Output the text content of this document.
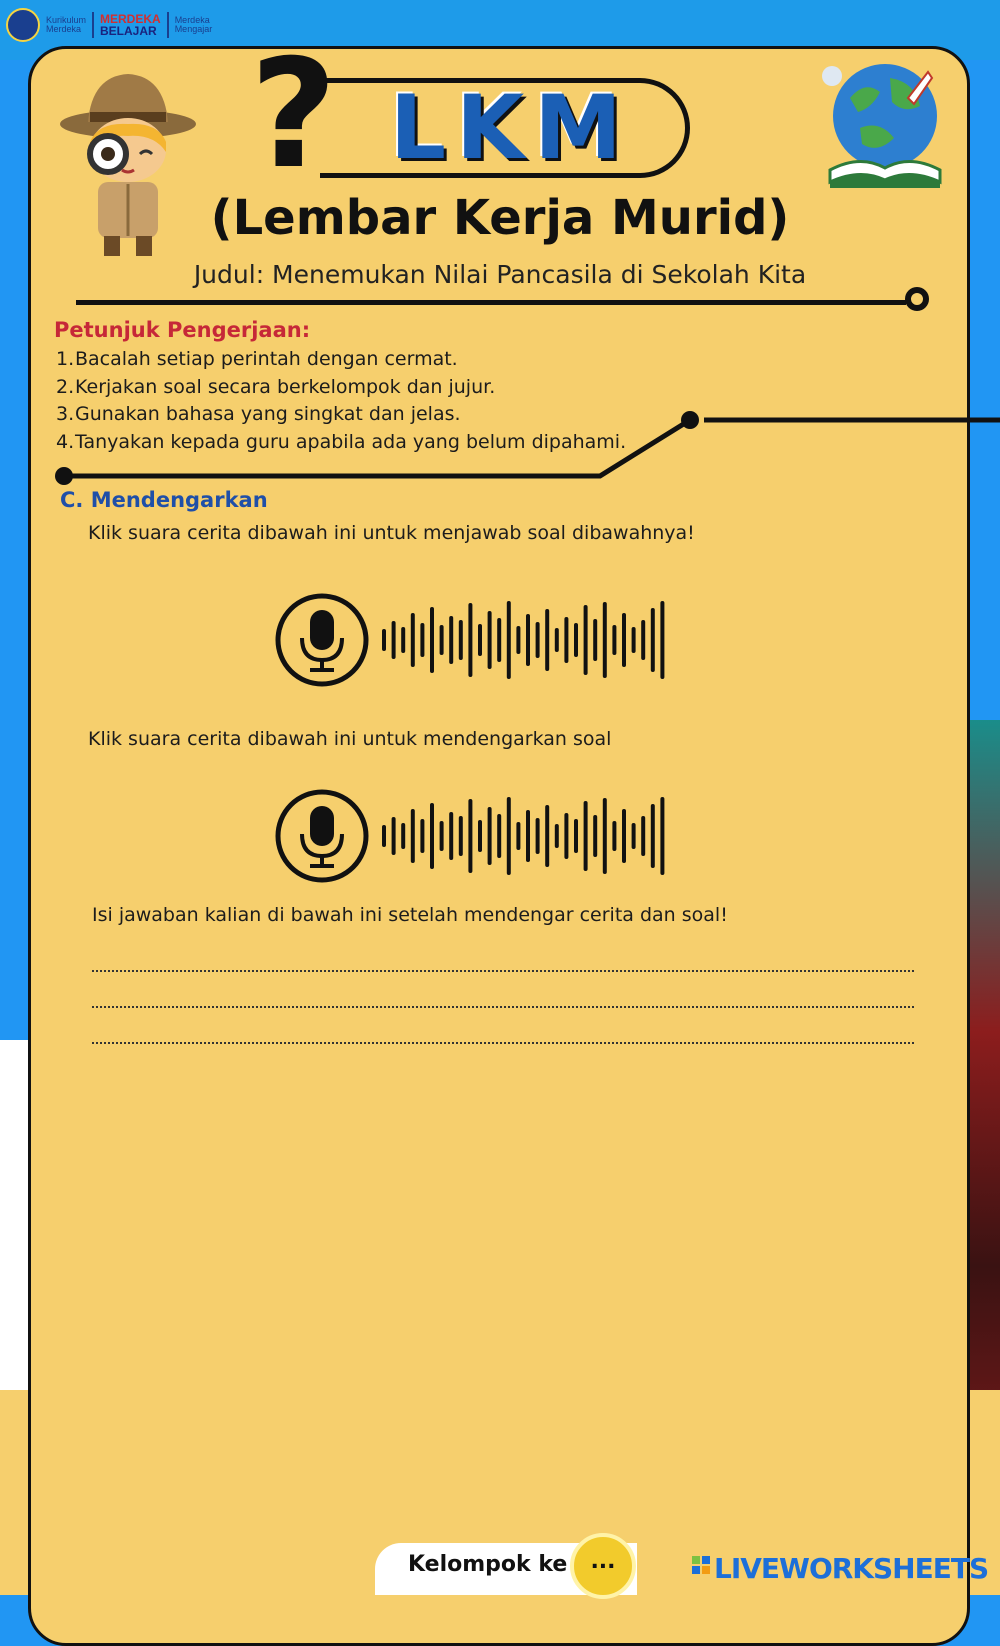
Kurikulum
Merdeka
MERDEKA
BELAJAR
Merdeka
Mengajar ? LKM
(Lembar Kerja Murid)
Judul: Menemukan Nilai Pancasila di Sekolah Kita
Petunjuk Pengerjaan:
1.Bacalah setiap perintah dengan cermat.
2.Kerjakan soal secara berkelompok dan jujur.
3.Gunakan bahasa yang singkat dan jelas.
4.Tanyakan kepada guru apabila ada yang belum dipahami.
C. Mendengarkan
Klik suara cerita dibawah ini untuk menjawab soal dibawahnya!
Klik suara cerita dibawah ini untuk mendengarkan soal
Isi jawaban kalian di bawah ini setelah mendengar cerita dan soal!
Kelompok ke	...	LIVEWORKSHEETS
